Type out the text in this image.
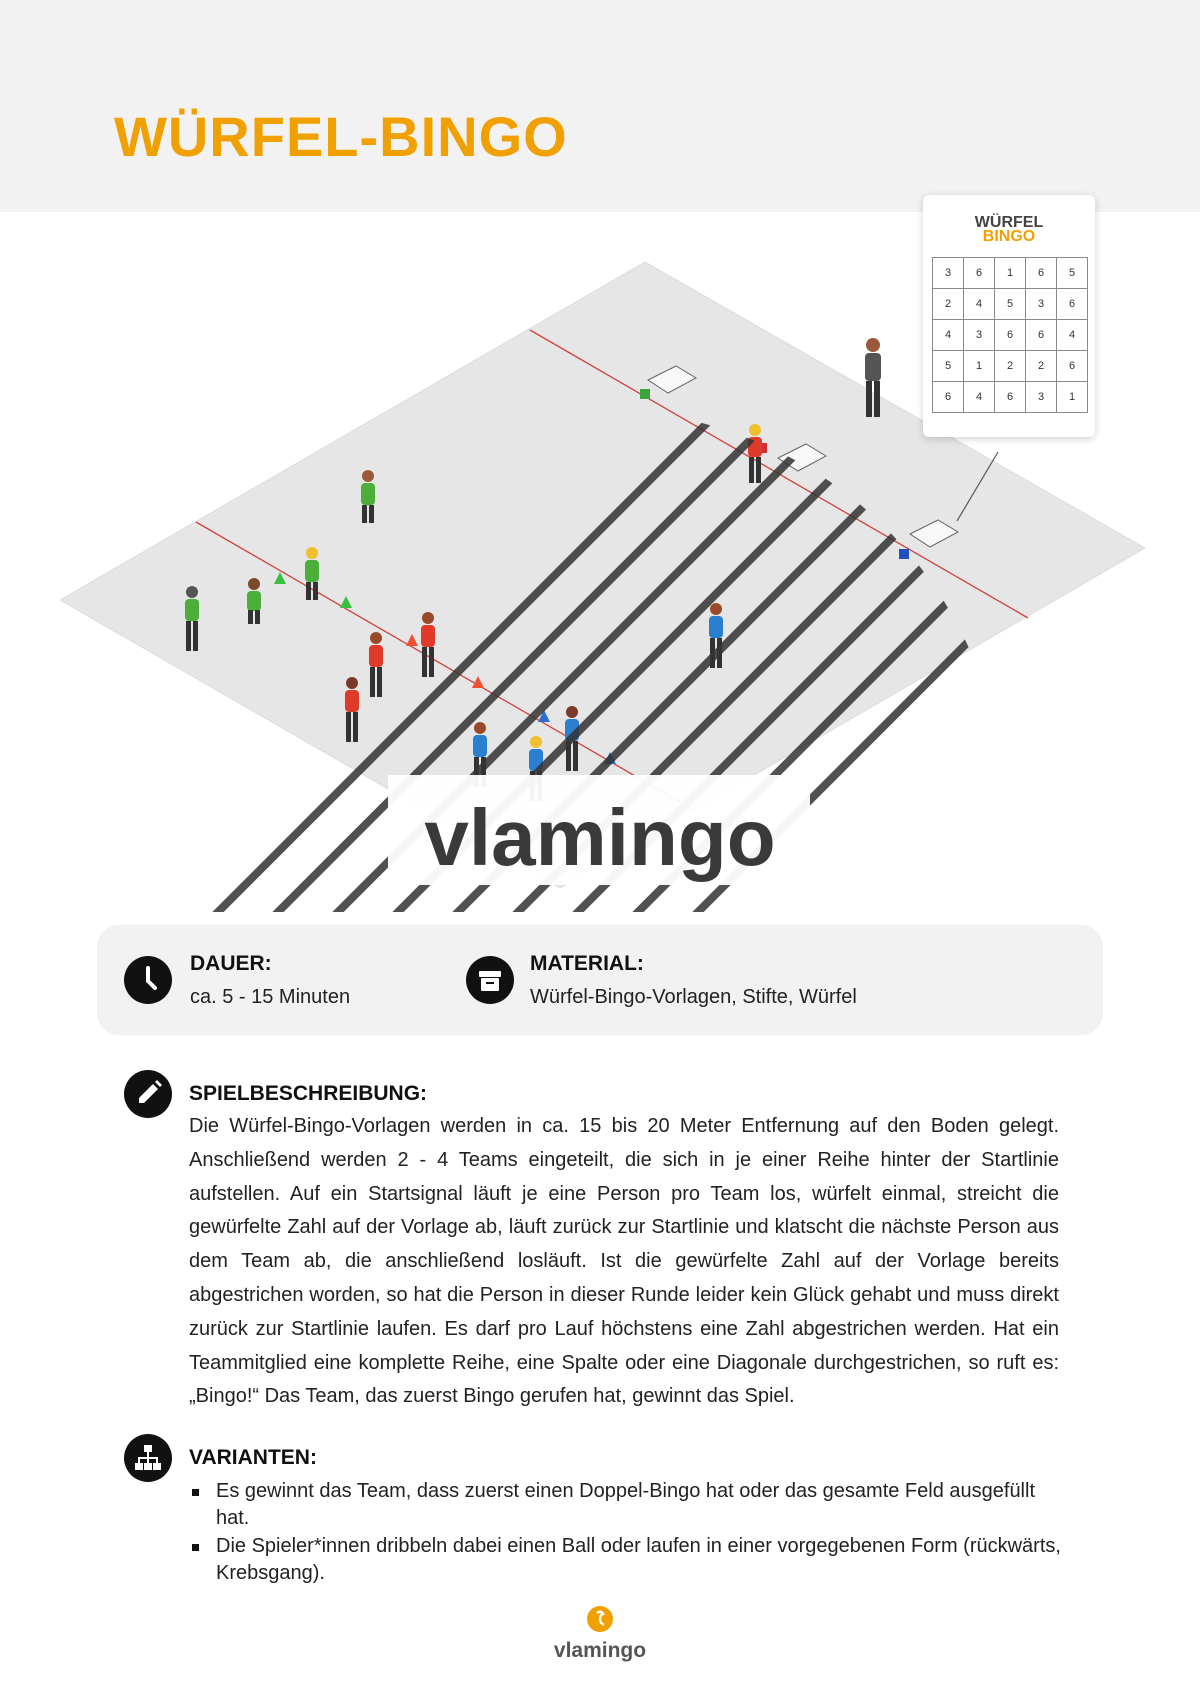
WÜRFEL-BINGO
vlamingo
WÜRFEL
BINGO
3	6	1	6	5
2	4	5	3	6
4	3	6	6	4
5	1	2	2	6
6	4	6	3	1
DAUER:
ca. 5 - 15 Minuten
MATERIAL:
Würfel-Bingo-Vorlagen, Stifte, Würfel
SPIELBESCHREIBUNG:
Die Würfel-Bingo-Vorlagen werden in ca. 15 bis 20 Meter Entfernung auf den Boden gelegt. Anschließend werden 2 - 4 Teams eingeteilt, die sich in je einer Reihe hinter der Startlinie aufstellen. Auf ein Startsignal läuft je eine Person pro Team los, würfelt einmal, streicht die gewürfelte Zahl auf der Vorlage ab, läuft zurück zur Startlinie und klatscht die nächste Person aus dem Team ab, die anschließend losläuft. Ist die gewürfelte Zahl auf der Vorlage bereits abgestrichen worden, so hat die Person in dieser Runde leider kein Glück gehabt und muss direkt zurück zur Startlinie laufen. Es darf pro Lauf höchstens eine Zahl abgestrichen werden. Hat ein Teammitglied eine komplette Reihe, eine Spalte oder eine Diagonale durchgestrichen, so ruft es: „Bingo!“ Das Team, das zuerst Bingo gerufen hat, gewinnt das Spiel.
VARIANTEN:
Es gewinnt das Team, dass zuerst einen Doppel-Bingo hat oder das gesamte Feld ausgefüllt hat.
Die Spieler*innen dribbeln dabei einen Ball oder laufen in einer vorgegebenen Form (rückwärts, Krebsgang).
vlamingo
